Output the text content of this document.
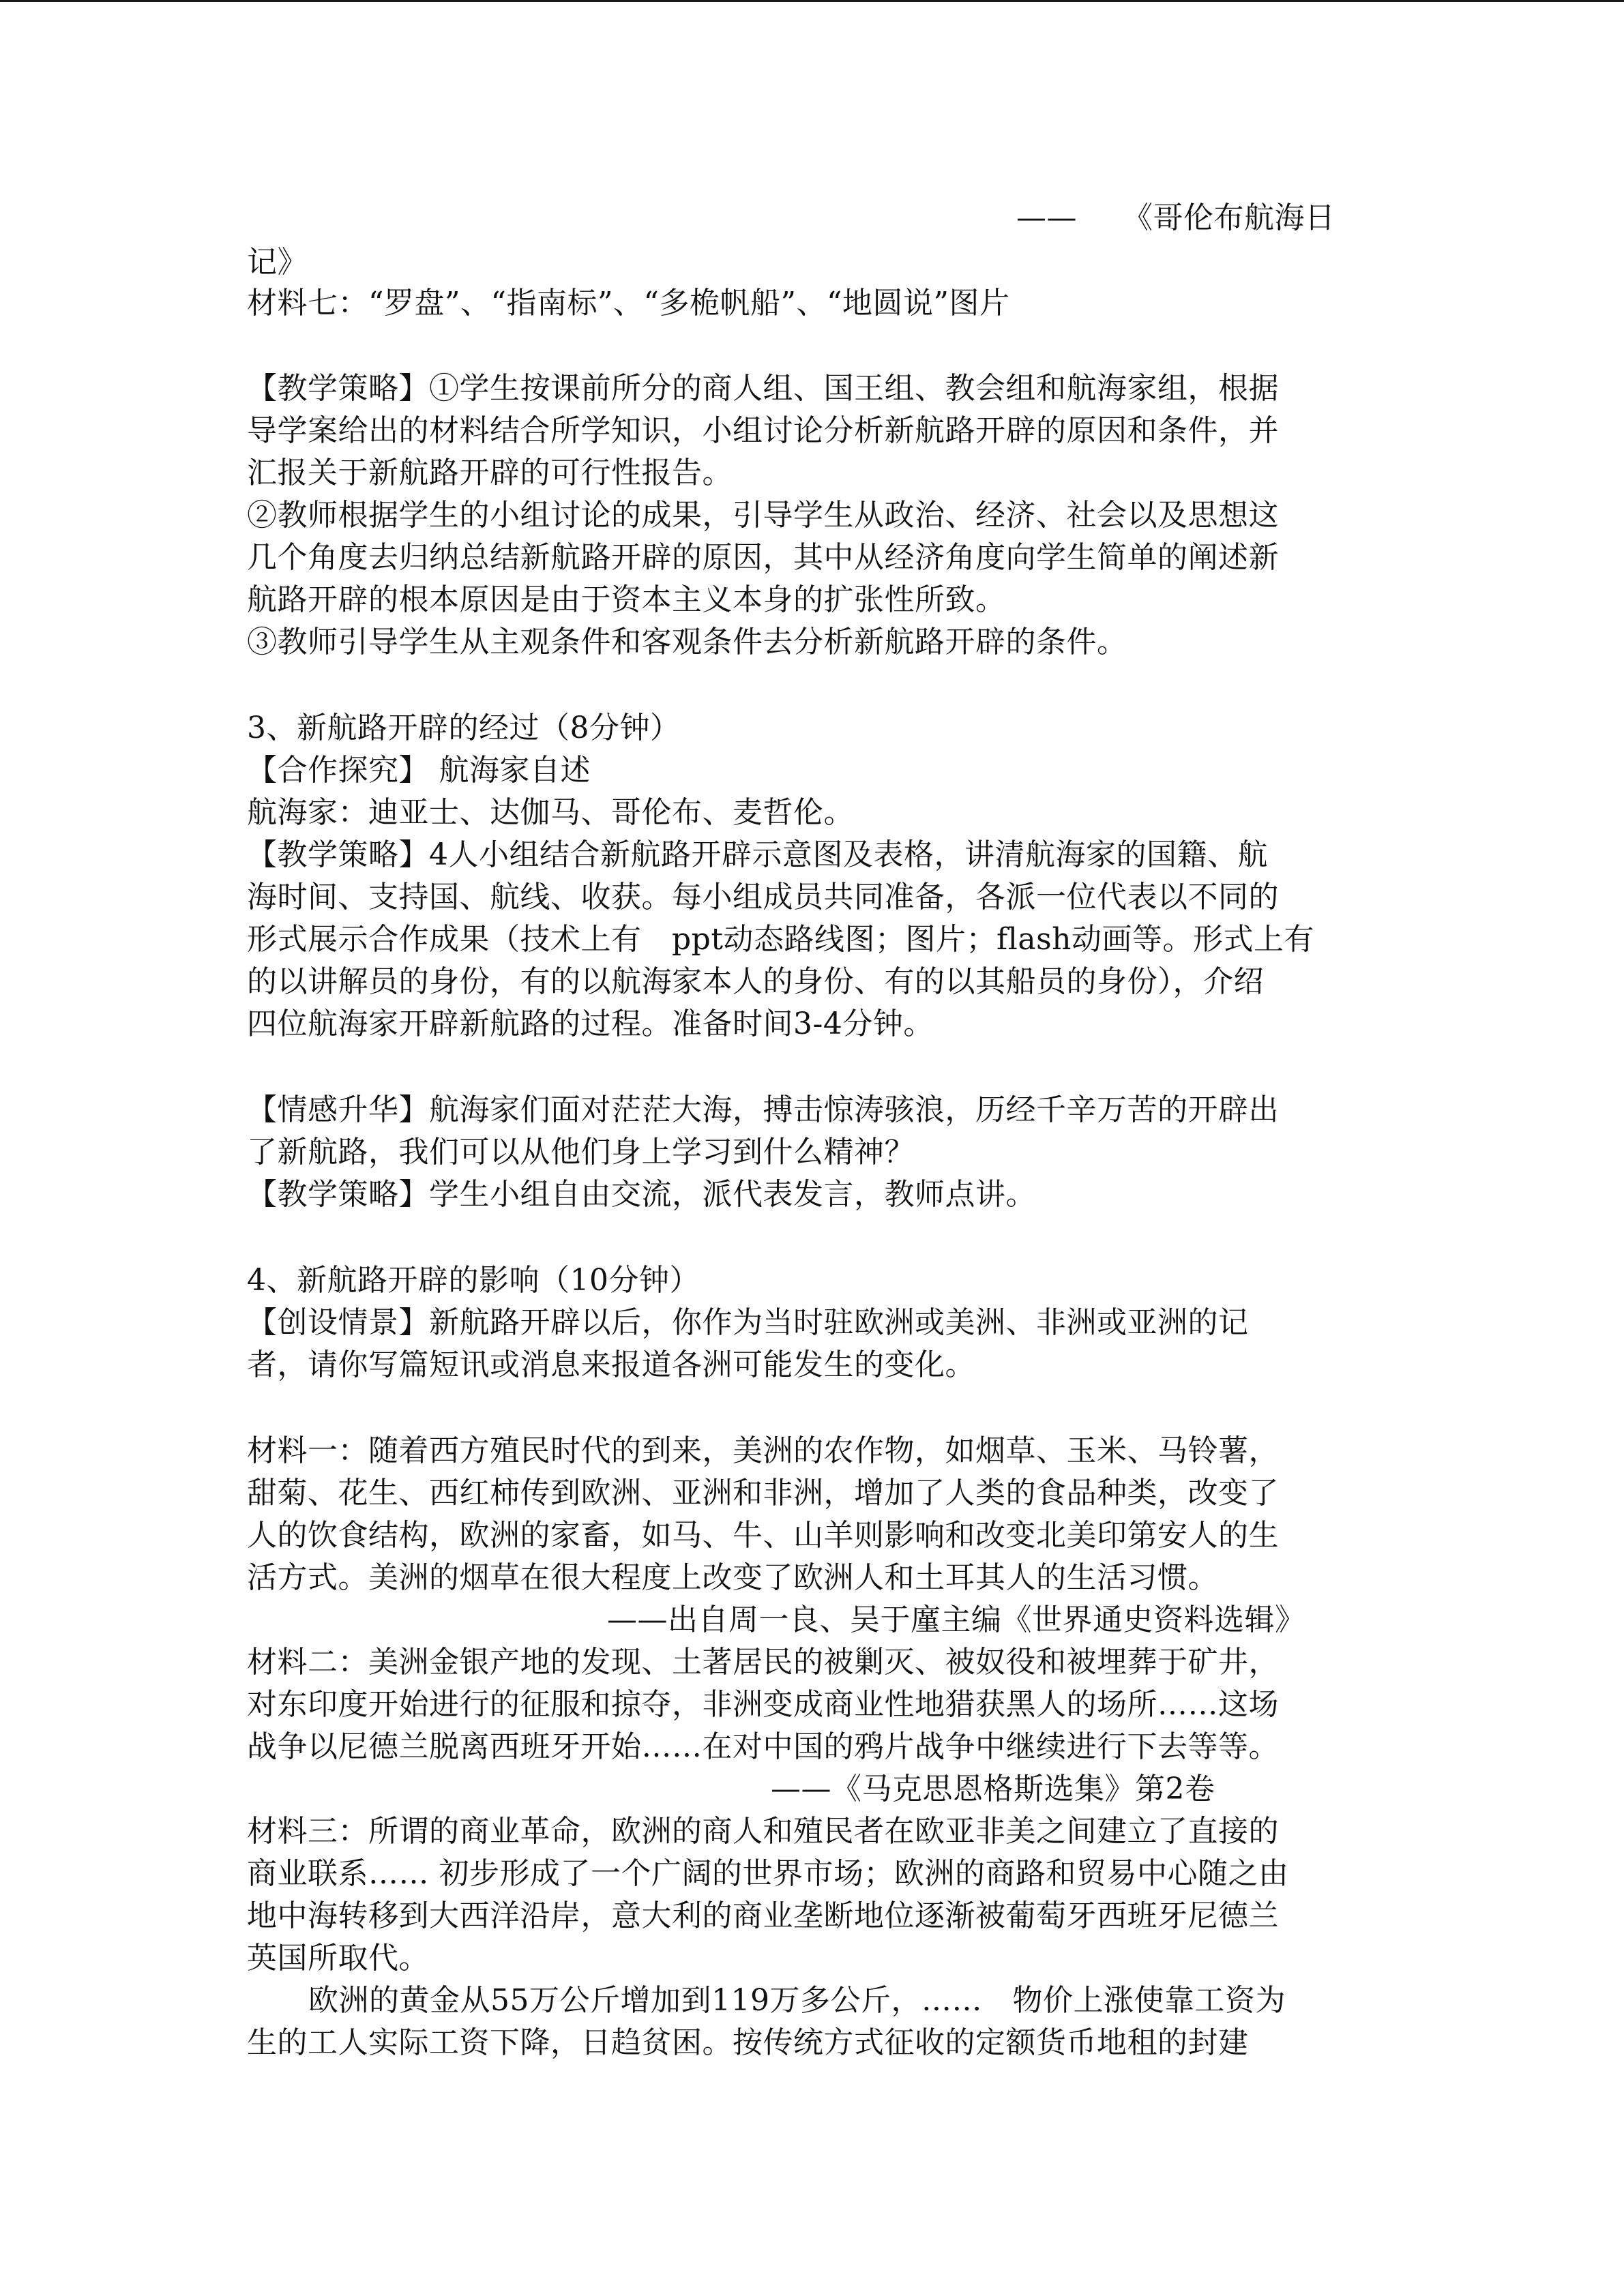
——　　《哥伦布航海日
记》
材料七：“罗盘”、“指南标”、“多桅帆船”、“地圆说”图片
【教学策略】①学生按课前所分的商人组、国王组、教会组和航海家组，根据
导学案给出的材料结合所学知识，小组讨论分析新航路开辟的原因和条件，并
汇报关于新航路开辟的可行性报告。
②教师根据学生的小组讨论的成果，引导学生从政治、经济、社会以及思想这
几个角度去归纳总结新航路开辟的原因，其中从经济角度向学生简单的阐述新
航路开辟的根本原因是由于资本主义本身的扩张性所致。
③教师引导学生从主观条件和客观条件去分析新航路开辟的条件。
3、新航路开辟的经过（8分钟）
【合作探究】 航海家自述
航海家：迪亚士、达伽马、哥伦布、麦哲伦。
【教学策略】4人小组结合新航路开辟示意图及表格，讲清航海家的国籍、航
海时间、支持国、航线、收获。每小组成员共同准备，各派一位代表以不同的
形式展示合作成果（技术上有　ppt动态路线图；图片；flash动画等。形式上有
的以讲解员的身份，有的以航海家本人的身份、有的以其船员的身份），介绍
四位航海家开辟新航路的过程。准备时间3-4分钟。
【情感升华】航海家们面对茫茫大海，搏击惊涛骇浪，历经千辛万苦的开辟出
了新航路，我们可以从他们身上学习到什么精神？
【教学策略】学生小组自由交流，派代表发言，教师点讲。
4、新航路开辟的影响（10分钟）
【创设情景】新航路开辟以后，你作为当时驻欧洲或美洲、非洲或亚洲的记
者，请你写篇短讯或消息来报道各洲可能发生的变化。
材料一：随着西方殖民时代的到来，美洲的农作物，如烟草、玉米、马铃薯，
甜菊、花生、西红柿传到欧洲、亚洲和非洲，增加了人类的食品种类，改变了
人的饮食结构，欧洲的家畜，如马、牛、山羊则影响和改变北美印第安人的生
活方式。美洲的烟草在很大程度上改变了欧洲人和土耳其人的生活习惯。
——出自周一良、吴于廑主编《世界通史资料选辑》
材料二：美洲金银产地的发现、土著居民的被剿灭、被奴役和被埋葬于矿井，
对东印度开始进行的征服和掠夺，非洲变成商业性地猎获黑人的场所……这场
战争以尼德兰脱离西班牙开始……在对中国的鸦片战争中继续进行下去等等。
——《马克思恩格斯选集》第2卷
材料三：所谓的商业革命，欧洲的商人和殖民者在欧亚非美之间建立了直接的
商业联系…… 初步形成了一个广阔的世界市场；欧洲的商路和贸易中心随之由
地中海转移到大西洋沿岸，意大利的商业垄断地位逐渐被葡萄牙西班牙尼德兰
英国所取代。
欧洲的黄金从55万公斤增加到119万多公斤，……　物价上涨使靠工资为
生的工人实际工资下降，日趋贫困。按传统方式征收的定额货币地租的封建
